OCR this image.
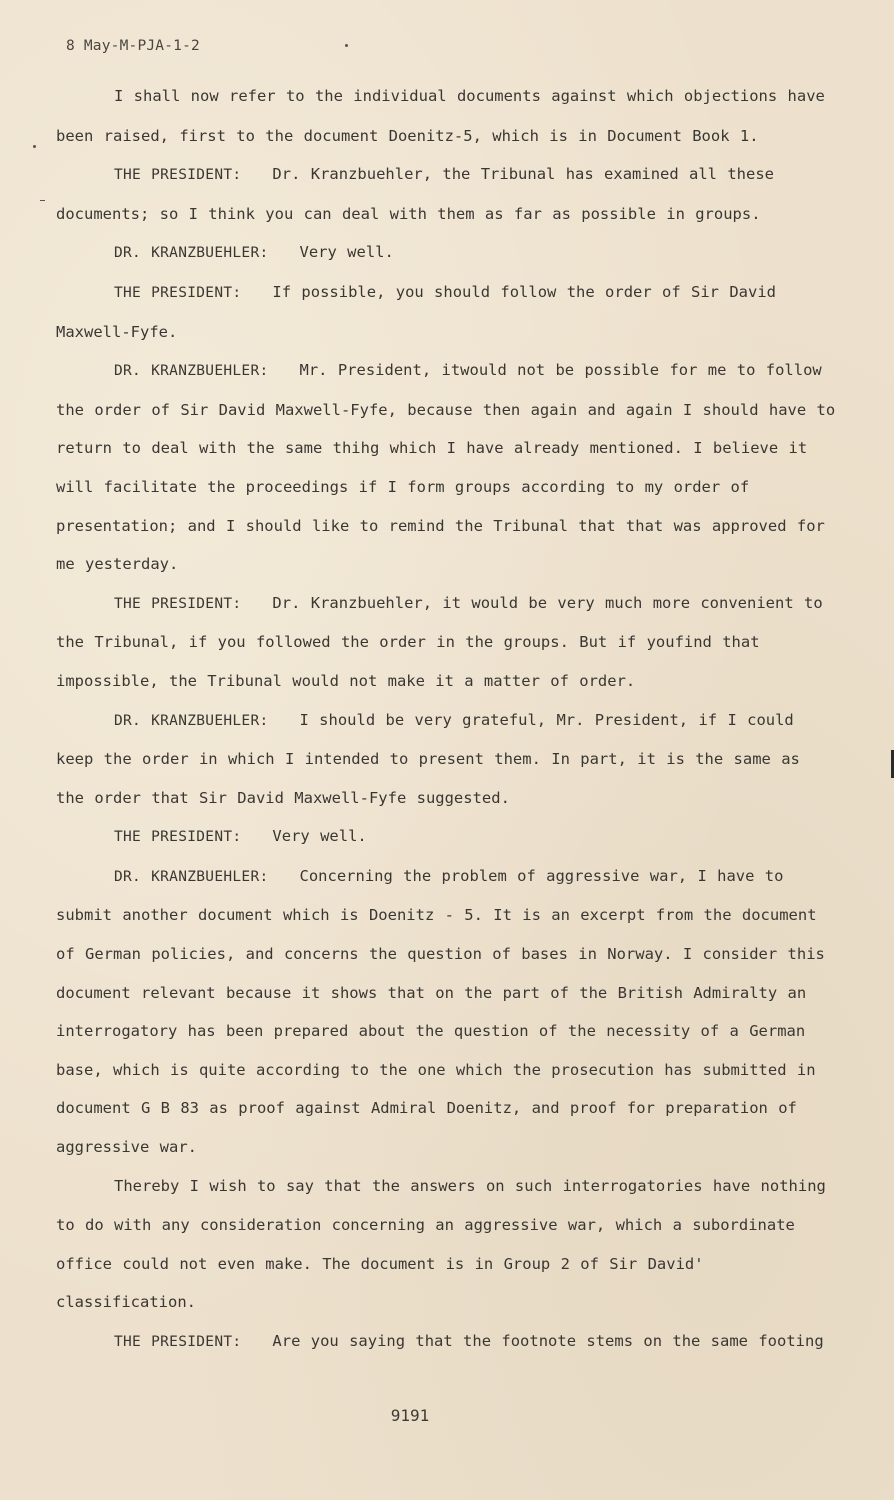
8 May-M-PJA-1-2

I shall now refer to the individual documents against which objections have been raised, first to the document Doenitz-5, which is in Document Book 1.

THE PRESIDENT: Dr. Kranzbuehler, the Tribunal has examined all these documents; so I think you can deal with them as far as possible in groups.

DR. KRANZBUEHLER: Very well.

THE PRESIDENT: If possible, you should follow the order of Sir David Maxwell-Fyfe.

DR. KRANZBUEHLER: Mr. President, itwould not be possible for me to follow the order of Sir David Maxwell-Fyfe, because then again and again I should have to return to deal with the same thihg which I have already mentioned. I believe it will facilitate the proceedings if I form groups according to my order of presentation; and I should like to remind the Tribunal that that was approved for me yesterday.

THE PRESIDENT: Dr. Kranzbuehler, it would be very much more convenient to the Tribunal, if you followed the order in the groups. But if youfind that impossible, the Tribunal would not make it a matter of order.

DR. KRANZBUEHLER: I should be very grateful, Mr. President, if I could keep the order in which I intended to present them. In part, it is the same as the order that Sir David Maxwell-Fyfe suggested.

THE PRESIDENT: Very well.

DR. KRANZBUEHLER: Concerning the problem of aggressive war, I have to submit another document which is Doenitz - 5. It is an excerpt from the document of German policies, and concerns the question of bases in Norway. I consider this document relevant because it shows that on the part of the British Admiralty an interrogatory has been prepared about the question of the necessity of a German base, which is quite according to the one which the prosecution has submitted in document G B 83 as proof against Admiral Doenitz, and proof for preparation of aggressive war.

Thereby I wish to say that the answers on such interrogatories have nothing to do with any consideration concerning an aggressive war, which a subordinate office could not even make. The document is in Group 2 of Sir David' classification.

THE PRESIDENT: Are you saying that the footnote stems on the same footing

9191
